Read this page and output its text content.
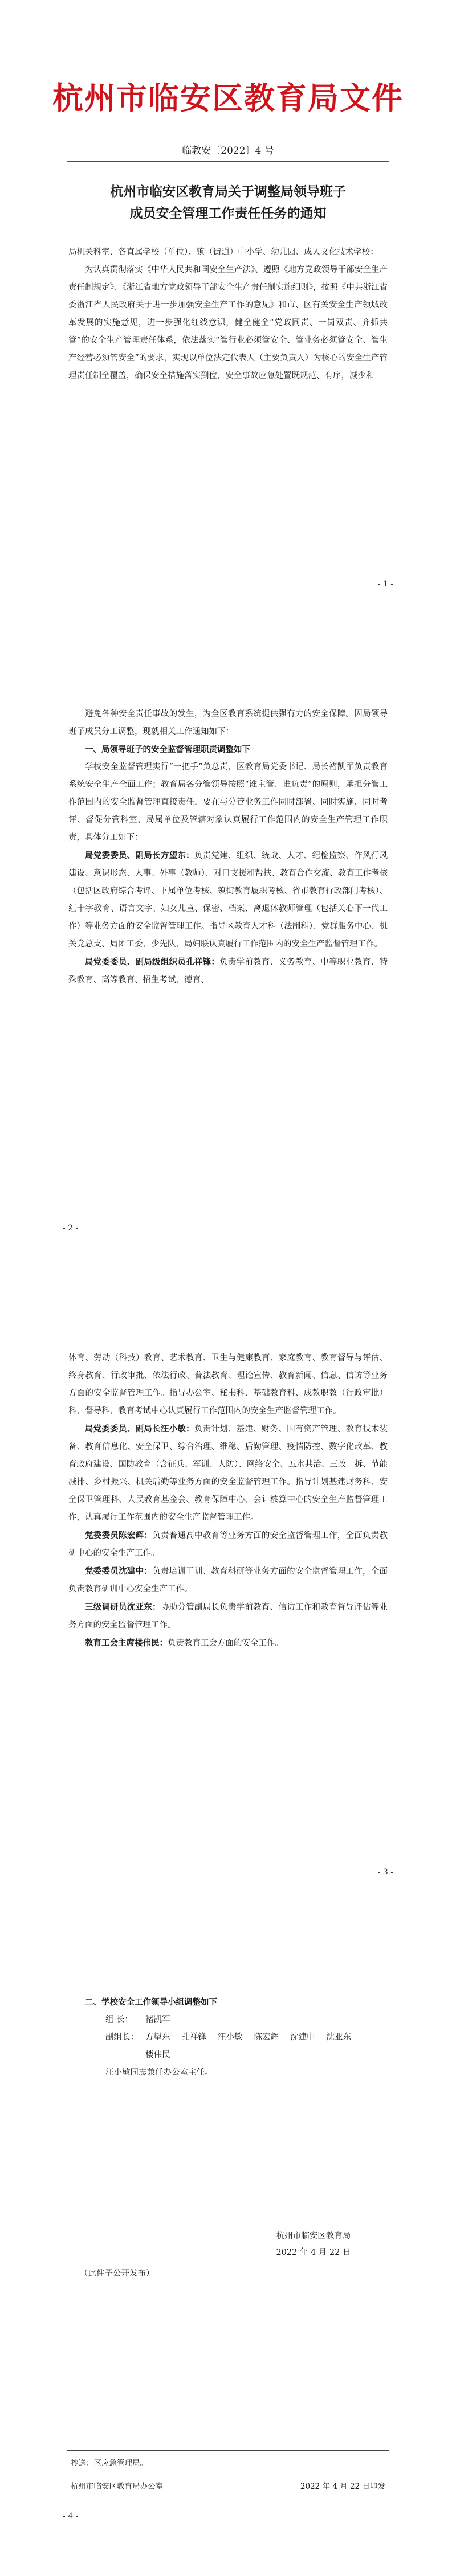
杭州市临安区教育局文件
临教安〔2022〕4 号
杭州市临安区教育局关于调整局领导班子
成员安全管理工作责任任务的通知

局机关科室、各直属学校（单位）、镇（街道）中小学、幼儿园、成人文化技术学校：

为认真贯彻落实《中华人民共和国安全生产法》、遵照《地方党政领导干部安全生产责任制规定》、《浙江省地方党政领导干部安全生产责任制实施细则》，按照《中共浙江省委浙江省人民政府关于进一步加强安全生产工作的意见》和市、区有关安全生产领域改革发展的实施意见，进一步强化红线意识，健全健全“党政同责、一岗双责、齐抓共管”的安全生产管理责任体系，依法落实“管行业必须管安全、管业务必须管安全、管生产经营必须管安全”的要求，实现以单位法定代表人（主要负责人）为核心的安全生产管理责任制全覆盖，确保安全措施落实到位，安全事故应急处置既规范、有序，减少和

- 1 -

避免各种安全责任事故的发生，为全区教育系统提供强有力的安全保障。因局领导班子成员分工调整，现就相关工作通知如下：

一、局领导班子的安全监督管理职责调整如下

学校安全监督管理实行“一把手”负总责，区教育局党委书记、局长褚凯军负责教育系统安全生产全面工作；教育局各分管领导按照“谁主管、谁负责”的原则，承担分管工作范围内的安全监督管理直接责任，要在与分管业务工作同时部署、同时实施、同时考评、督促分管科室、局属单位及管辖对象认真履行工作范围内的安全生产管理工作职责，具体分工如下：

局党委委员、副局长方望东：负责党建、组织、统战、人才、纪检监察、作风行风建设、意识形态、人事、外事（教师）、对口支援和帮扶、教育合作交流、教育工作考核（包括区政府综合考评、下属单位考核、镇街教育履职考核、省市教育行政部门考核）、红十字教育、语言文字、妇女儿童、保密、档案、离退休教师管理（包括关心下一代工作）等业务方面的安全监督管理工作。指导区教育人才科（法制科）、党群服务中心、机关党总支、局团工委、少先队、局妇联认真履行工作范围内的安全生产监督管理工作。

局党委委员、副局级组织员孔祥锋：负责学前教育、义务教育、中等职业教育、特殊教育、高等教育、招生考试、德育、

- 2 -

体育、劳动（科技）教育、艺术教育、卫生与健康教育、家庭教育、教育督导与评估、终身教育、行政审批、依法行政、普法教育、理论宣传、教育新闻、信息、信访等业务方面的安全监督管理工作。指导办公室、秘书科、基础教育科、成教职教（行政审批）科、督导科、教育考试中心认真履行工作范围内的安全生产监督管理工作。

局党委委员、副局长汪小敏：负责计划、基建、财务、国有资产管理、教育技术装备、教育信息化、安全保卫、综合治理、维稳、后勤管理、疫情防控、数字化改革、教育政府建设、国防教育（含征兵、军训、人防）、网络安全、五水共治、三改一拆、节能减排、乡村振兴、机关后勤等业务方面的安全监督管理工作。指导计划基建财务科、安全保卫管理科、人民教育基金会、教育保障中心、会计核算中心的安全生产监督管理工作，认真履行工作范围内的安全生产监督管理工作。

党委委员陈宏辉：负责普通高中教育等业务方面的安全监督管理工作，全面负责教研中心的安全生产工作。

党委委员沈建中：负责培训干训、教育科研等业务方面的安全监督管理工作，全面负责教育研训中心安全生产工作。

三级调研员沈亚东：协助分管副局长负责学前教育、信访工作和教育督导评估等业务方面的安全监督管理工作。

教育工会主席楼伟民：负责教育工会方面的安全工作。

- 3 -

二、学校安全工作领导小组调整如下

组 长：	褚凯军
副组长： 方望东 孔祥锋 汪小敏 陈宏辉 沈建中 沈亚东楼伟民
汪小敏同志兼任办公室主任。
杭州市临安区教育局
2022 年 4 月 22 日
（此件予公开发布）
抄送：区应急管理局。
杭州市临安区教育局办公室	2022 年 4 月 22 日印发
- 4 -
